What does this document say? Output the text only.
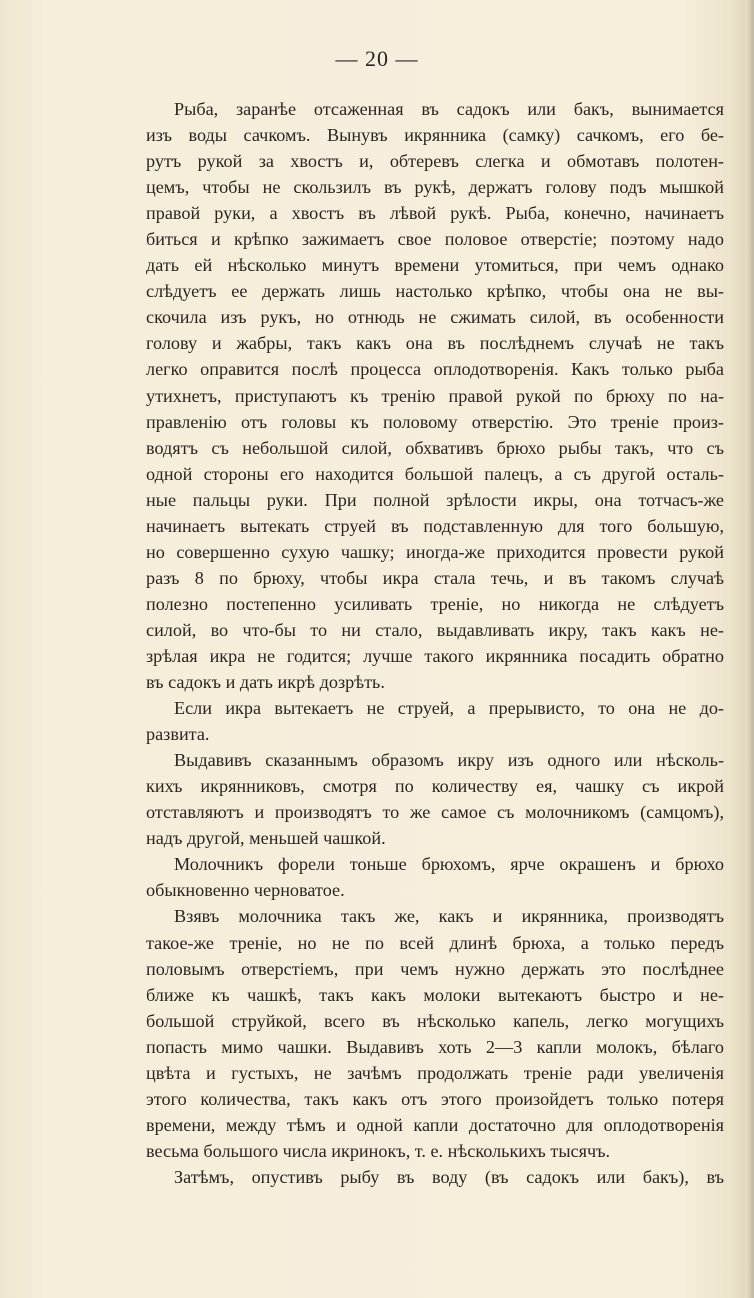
— 20 —
Рыба, заранѣе отсаженная въ садокъ или бакъ, вынимается
изъ воды сачкомъ. Вынувъ икрянника (самку) сачкомъ, его бе-
рутъ рукой за хвостъ и, обтеревъ слегка и обмотавъ полотен-
цемъ, чтобы не скользилъ въ рукѣ, держатъ голову подъ мышкой
правой руки, а хвостъ въ лѣвой рукѣ. Рыба, конечно, начинаетъ
биться и крѣпко зажимаетъ свое половое отверстіе; поэтому надо
дать ей нѣсколько минутъ времени утомиться, при чемъ однако
слѣдуетъ ее держать лишь настолько крѣпко, чтобы она не вы-
скочила изъ рукъ, но отнюдь не сжимать силой, въ особенности
голову и жабры, такъ какъ она въ послѣднемъ случаѣ не такъ
легко оправится послѣ процесса оплодотворенія. Какъ только рыба
утихнетъ, приступаютъ къ тренію правой рукой по брюху по на-
правленію отъ головы къ половому отверстію. Это треніе произ-
водятъ съ небольшой силой, обхвативъ брюхо рыбы такъ, что съ
одной стороны его находится большой палецъ, а съ другой осталь-
ные пальцы руки. При полной зрѣлости икры, она тотчасъ-же
начинаетъ вытекать струей въ подставленную для того большую,
но совершенно сухую чашку; иногда-же приходится провести рукой
разъ 8 по брюху, чтобы икра стала течь, и въ такомъ случаѣ
полезно постепенно усиливать треніе, но никогда не слѣдуетъ
силой, во что-бы то ни стало, выдавливать икру, такъ какъ не-
зрѣлая икра не годится; лучше такого икрянника посадить обратно
въ садокъ и дать икрѣ дозрѣть.
Если икра вытекаетъ не струей, а прерывисто, то она не до-
развита.
Выдавивъ сказаннымъ образомъ икру изъ одного или нѣсколь-
кихъ икрянниковъ, смотря по количеству ея, чашку съ икрой
отставляютъ и производятъ то же самое съ молочникомъ (самцомъ),
надъ другой, меньшей чашкой.
Молочникъ форели тоньше брюхомъ, ярче окрашенъ и брюхо
обыкновенно черноватое.
Взявъ молочника такъ же, какъ и икрянника, производятъ
такое-же треніе, но не по всей длинѣ брюха, а только передъ
половымъ отверстіемъ, при чемъ нужно держать это послѣднее
ближе къ чашкѣ, такъ какъ молоки вытекаютъ быстро и не-
большой струйкой, всего въ нѣсколько капель, легко могущихъ
попасть мимо чашки. Выдавивъ хоть 2—3 капли молокъ, бѣлаго
цвѣта и густыхъ, не зачѣмъ продолжать треніе ради увеличенія
этого количества, такъ какъ отъ этого произойдетъ только потеря
времени, между тѣмъ и одной капли достаточно для оплодотворенія
весьма большого числа икринокъ, т. е. нѣсколькихъ тысячъ.
Затѣмъ, опустивъ рыбу въ воду (въ садокъ или бакъ), въ
